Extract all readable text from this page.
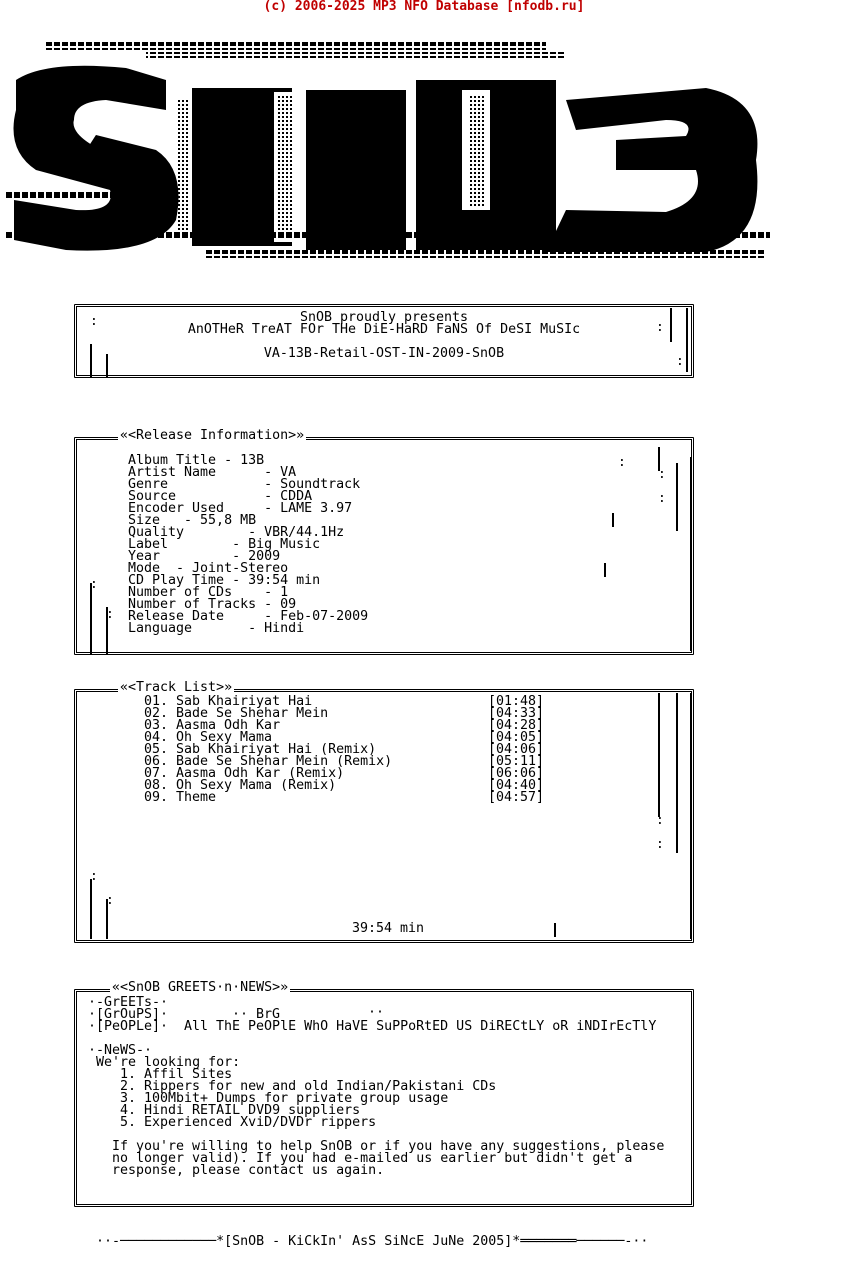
(c) 2006-2025 MP3 NFO Database [nfodb.ru]
:	:
:
SnOB proudly presents
AnOTHeR TreAT FOr THe DiE-HaRD FaNS Of DeSI MuSIc
VA-13B-Retail-OST-IN-2009-SnOB
«<Release Information>»
:
:
:
:
:
Album Title - 13B
Artist Name      - VA
Genre            - Soundtrack
Source           - CDDA
Encoder Used     - LAME 3.97
Size   - 55,8 MB
Quality        - VBR/44.1Hz
Label        - Big Music
Year         - 2009
Mode  - Joint-Stereo
CD Play Time - 39:54 min
Number of CDs    - 1
Number of Tracks - 09
Release Date     - Feb-07-2009
Language       - Hindi
«<Track List>»
:
:
:
:
01. Sab Khairiyat Hai	[01:48]
02. Bade Se Shehar Mein	[04:33]
03. Aasma Odh Kar	[04:28]
04. Oh Sexy Mama	[04:05]
05. Sab Khairiyat Hai (Remix)	[04:06]
06. Bade Se Shehar Mein (Remix)	[05:11]
07. Aasma Odh Kar (Remix)	[06:06]
08. Oh Sexy Mama (Remix)	[04:40]
09. Theme	[04:57]
39:54 min
«<SnOB GREETS·n·NEWS>»
·-GrEETs-·
·[GrOuPS]·	·· BrG	··
·[PeOPLe]· All ThE PeOPlE WhO HaVE SuPPoRtED US DiRECtLY oR iNDIrEcTlY
·-NeWS-·
We're looking for:
1. Affil Sites
2. Rippers for new and old Indian/Pakistani CDs
3. 100Mbit+ Dumps for private group usage
4. Hindi RETAIL DVD9 suppliers
5. Experienced XviD/DVDr rippers
If you're willing to help SnOB or if you have any suggestions, please
no longer valid). If you had e-mailed us earlier but didn't get a
response, please contact us again.
··-────────────*[SnOB - KiCkIn' AsS SiNcE JuNe 2005]*═══════──────-··
